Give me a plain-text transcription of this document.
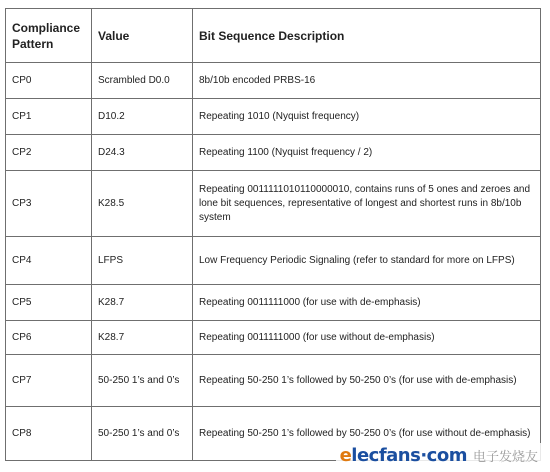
Compliance Pattern	Value	Bit Sequence Description
CP0	Scrambled D0.0	8b/10b encoded PRBS-16
CP1	D10.2	Repeating 1010 (Nyquist frequency)
CP2	D24.3	Repeating 1100 (Nyquist frequency / 2)
CP3	K28.5	Repeating 0011111010110000010, contains runs of 5 ones and zeroes and lone bit sequences, representative of longest and shortest runs in 8b/10b system
CP4	LFPS	Low Frequency Periodic Signaling (refer to standard for more on LFPS)
CP5	K28.7	Repeating 0011111000 (for use with de-emphasis)
CP6	K28.7	Repeating 0011111000 (for use without de-emphasis)
CP7	50-250 1’s and 0’s	Repeating 50-250 1’s followed by 50-250 0’s (for use with de-emphasis)
CP8	50-250 1’s and 0’s	Repeating 50-250 1’s followed by 50-250 0’s (for use without de-emphasis)
elecfans·com 电子发烧友
